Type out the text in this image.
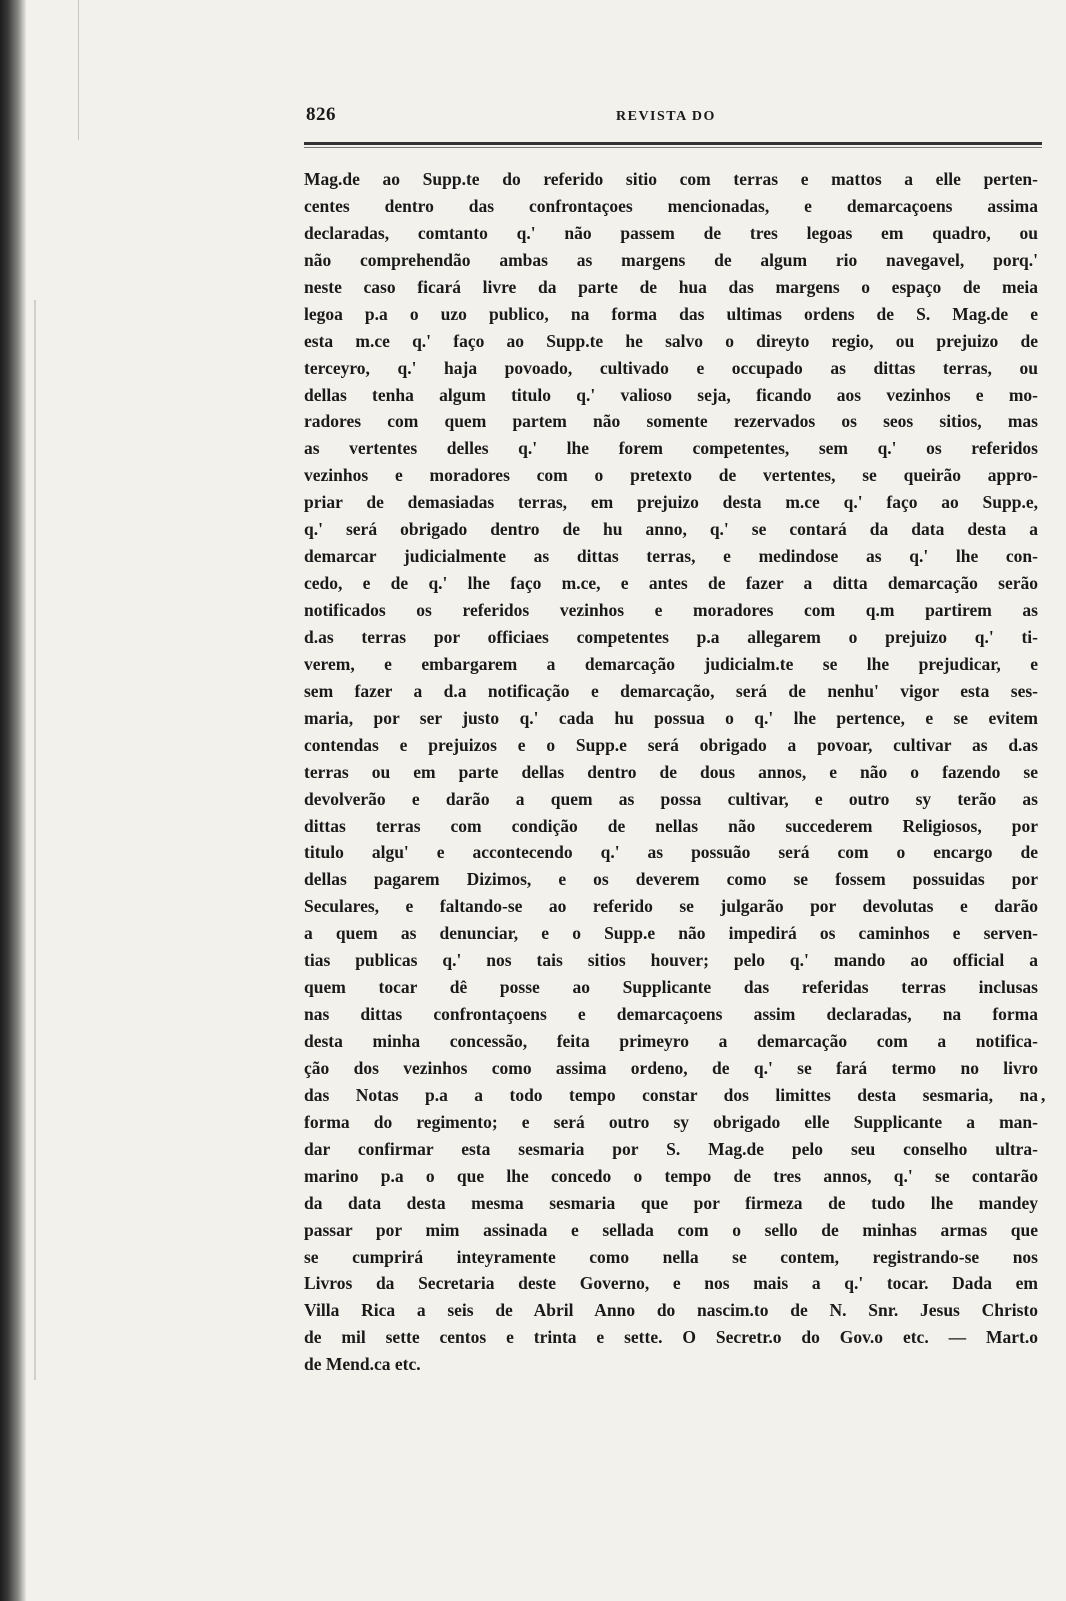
826	REVISTA DO
Mag.de ao Supp.te do referido sitio com terras e mattos a elle perten-
centes dentro das confrontaçoes mencionadas, e demarcaçoens assima
declaradas, comtanto q.' não passem de tres legoas em quadro, ou
não comprehendão ambas as margens de algum rio navegavel, porq.'
neste caso ficará livre da parte de hua das margens o espaço de meia
legoa p.a o uzo publico, na forma das ultimas ordens de S. Mag.de e
esta m.ce q.' faço ao Supp.te he salvo o direyto regio, ou prejuizo de
terceyro, q.' haja povoado, cultivado e occupado as dittas terras, ou
dellas tenha algum titulo q.' valioso seja, ficando aos vezinhos e mo-
radores com quem partem não somente rezervados os seos sitios, mas
as vertentes delles q.' lhe forem competentes, sem q.' os referidos
vezinhos e moradores com o pretexto de vertentes, se queirão appro-
priar de demasiadas terras, em prejuizo desta m.ce q.' faço ao Supp.e,
q.' será obrigado dentro de hu anno, q.' se contará da data desta a
demarcar judicialmente as dittas terras, e medindose as q.' lhe con-
cedo, e de q.' lhe faço m.ce, e antes de fazer a ditta demarcação serão
notificados os referidos vezinhos e moradores com q.m partirem as
d.as terras por officiaes competentes p.a allegarem o prejuizo q.' ti-
verem, e embargarem a demarcação judicialm.te se lhe prejudicar, e
sem fazer a d.a notificação e demarcação, será de nenhu' vigor esta ses-
maria, por ser justo q.' cada hu possua o q.' lhe pertence, e se evitem
contendas e prejuizos e o Supp.e será obrigado a povoar, cultivar as d.as
terras ou em parte dellas dentro de dous annos, e não o fazendo se
devolverão e darão a quem as possa cultivar, e outro sy terão as
dittas terras com condição de nellas não succederem Religiosos, por
titulo algu' e accontecendo q.' as possuão será com o encargo de
dellas pagarem Dizimos, e os deverem como se fossem possuidas por
Seculares, e faltando-se ao referido se julgarão por devolutas e darão
a quem as denunciar, e o Supp.e não impedirá os caminhos e serven-
tias publicas q.' nos tais sitios houver; pelo q.' mando ao official a
quem tocar dê posse ao Supplicante das referidas terras inclusas
nas dittas confrontaçoens e demarcaçoens assim declaradas, na forma
desta minha concessão, feita primeyro a demarcação com a notifica-
ção dos vezinhos como assima ordeno, de q.' se fará termo no livro
das Notas p.a a todo tempo constar dos limittes desta sesmaria, na
forma do regimento; e será outro sy obrigado elle Supplicante a man-
dar confirmar esta sesmaria por S. Mag.de pelo seu conselho ultra-
marino p.a o que lhe concedo o tempo de tres annos, q.' se contarão
da data desta mesma sesmaria que por firmeza de tudo lhe mandey
passar por mim assinada e sellada com o sello de minhas armas que
se cumprirá inteyramente como nella se contem, registrando-se nos
Livros da Secretaria deste Governo, e nos mais a q.' tocar. Dada em
Villa Rica a seis de Abril Anno do nascim.to de N. Snr. Jesus Christo
de mil sette centos e trinta e sette. O Secretr.o do Gov.o etc. — Mart.o
de Mend.ca etc.
ʼ
